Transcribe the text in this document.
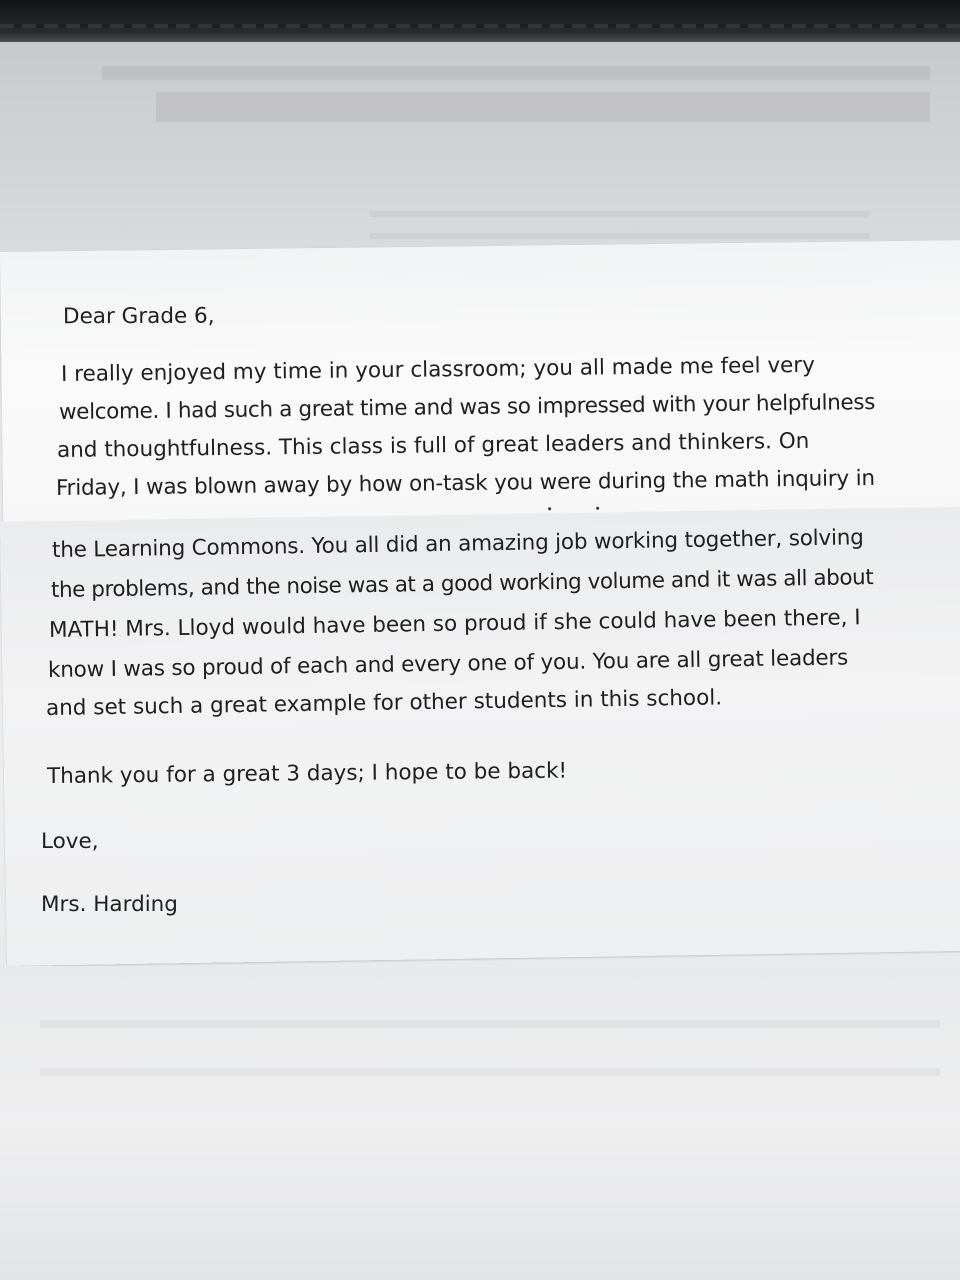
Dear Grade 6,

I really enjoyed my time in your classroom; you all made me feel very

welcome. I had such a great time and was so impressed with your helpfulness

and thoughtfulness. This class is full of great leaders and thinkers. On

Friday, I was blown away by how on-task you were during the math inquiry in

the Learning Commons. You all did an amazing job working together, solving

the problems, and the noise was at a good working volume and it was all about

MATH! Mrs. Lloyd would have been so proud if she could have been there, I

know I was so proud of each and every one of you. You are all great leaders

and set such a great example for other students in this school.

Thank you for a great 3 days; I hope to be back!

Love,

Mrs. Harding
